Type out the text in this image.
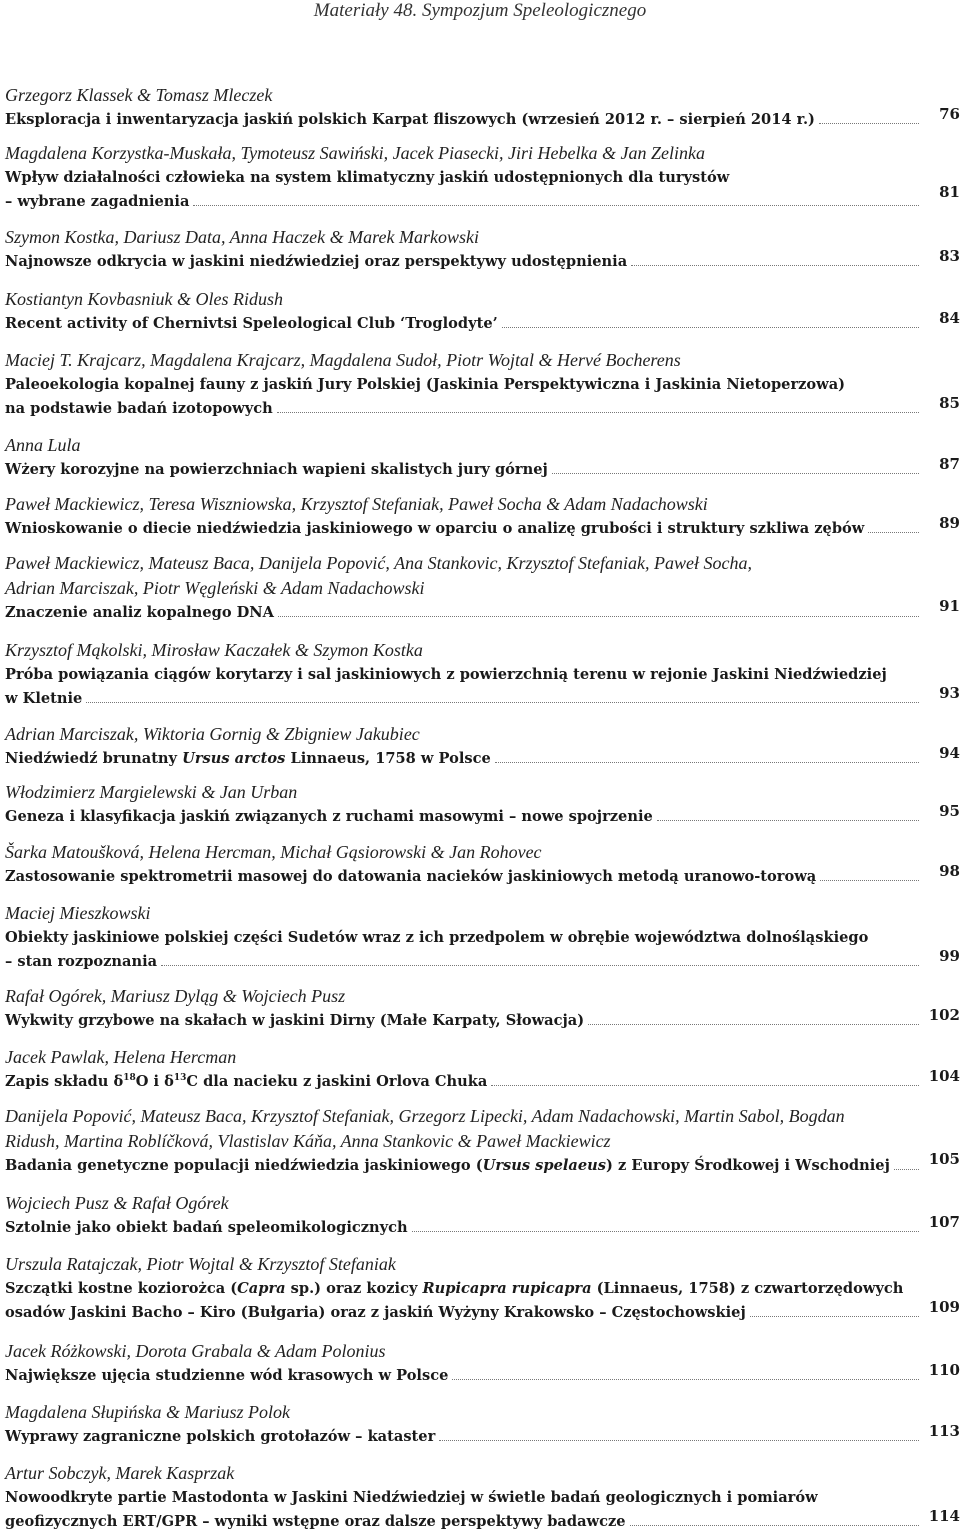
Materiały 48. Sympozjum Speleologicznego
Grzegorz Klassek & Tomasz Mleczek
Eksploracja i inwentaryzacja jaskiń polskich Karpat fliszowych (wrzesień 2012 r. – sierpień 2014 r.)	76
Magdalena Korzystka-Muskała, Tymoteusz Sawiński, Jacek Piasecki, Jiri Hebelka & Jan Zelinka
Wpływ działalności człowieka na system klimatyczny jaskiń udostępnionych dla turystów
– wybrane zagadnienia
81
Szymon Kostka, Dariusz Data, Anna Haczek & Marek Markowski
Najnowsze odkrycia w jaskini niedźwiedziej oraz perspektywy udostępnienia	83
Kostiantyn Kovbasniuk & Oles Ridush
Recent activity of Chernivtsi Speleological Club ‘Troglodyte’	84
Maciej T. Krajcarz, Magdalena Krajcarz, Magdalena Sudoł, Piotr Wojtal & Hervé Bocherens
Paleoekologia kopalnej fauny z jaskiń Jury Polskiej (Jaskinia Perspektywiczna i Jaskinia Nietoperzowa)
na podstawie badań izotopowych	85
Anna Lula
Wżery korozyjne na powierzchniach wapieni skalistych jury górnej	87
Paweł Mackiewicz, Teresa Wiszniowska, Krzysztof Stefaniak, Paweł Socha & Adam Nadachowski
Wnioskowanie o diecie niedźwiedzia jaskiniowego w oparciu o analizę grubości i struktury szkliwa zębów	89
Paweł Mackiewicz, Mateusz Baca, Danijela Popović, Ana Stankovic, Krzysztof Stefaniak, Paweł Socha,
Adrian Marciszak, Piotr Węgleński & Adam Nadachowski
Znaczenie analiz kopalnego DNA	91
Krzysztof Mąkolski, Mirosław Kaczałek & Szymon Kostka
Próba powiązania ciągów korytarzy i sal jaskiniowych z powierzchnią terenu w rejonie Jaskini Niedźwiedziej
w Kletnie	93
Adrian Marciszak, Wiktoria Gornig & Zbigniew Jakubiec
Niedźwiedź brunatny Ursus arctos Linnaeus, 1758 w Polsce	94
Włodzimierz Margielewski & Jan Urban
Geneza i klasyfikacja jaskiń związanych z ruchami masowymi – nowe spojrzenie	95
Šarka Matoušková, Helena Hercman, Michał Gąsiorowski & Jan Rohovec
Zastosowanie spektrometrii masowej do datowania nacieków jaskiniowych metodą uranowo-torową	98
Maciej Mieszkowski
Obiekty jaskiniowe polskiej części Sudetów wraz z ich przedpolem w obrębie województwa dolnośląskiego
– stan rozpoznania	99
Rafał Ogórek, Mariusz Dyląg & Wojciech Pusz
Wykwity grzybowe na skałach w jaskini Dirny (Małe Karpaty, Słowacja)	102
Jacek Pawlak, Helena Hercman
Zapis składu $\delta^{18}O$ i $\delta^{13}C$ dla nacieku z jaskini Orlova Chuka	104
Danijela Popović, Mateusz Baca, Krzysztof Stefaniak, Grzegorz Lipecki, Adam Nadachowski, Martin Sabol, Bogdan
Ridush, Martina Roblíčková, Vlastislav Káňa, Anna Stankovic & Paweł Mackiewicz
Badania genetyczne populacji niedźwiedzia jaskiniowego (Ursus spelaeus) z Europy Środkowej i Wschodniej	105
Wojciech Pusz & Rafał Ogórek
Sztolnie jako obiekt badań speleomikologicznych	107
Urszula Ratajczak, Piotr Wojtal & Krzysztof Stefaniak
Szczątki kostne koziorożca (Capra sp.) oraz kozicy Rupicapra rupicapra (Linnaeus, 1758) z czwartorzędowych
osadów Jaskini Bacho – Kiro (Bułgaria) oraz z jaskiń Wyżyny Krakowsko – Częstochowskiej	109
Jacek Różkowski, Dorota Grabala & Adam Polonius
Największe ujęcia studzienne wód krasowych w Polsce	110
Magdalena Słupińska & Mariusz Polok
Wyprawy zagraniczne polskich grotołazów – kataster	113
Artur Sobczyk, Marek Kasprzak
Nowoodkryte partie Mastodonta w Jaskini Niedźwiedziej w świetle badań geologicznych i pomiarów
geofizycznych ERT/GPR – wyniki wstępne oraz dalsze perspektywy badawcze	114
